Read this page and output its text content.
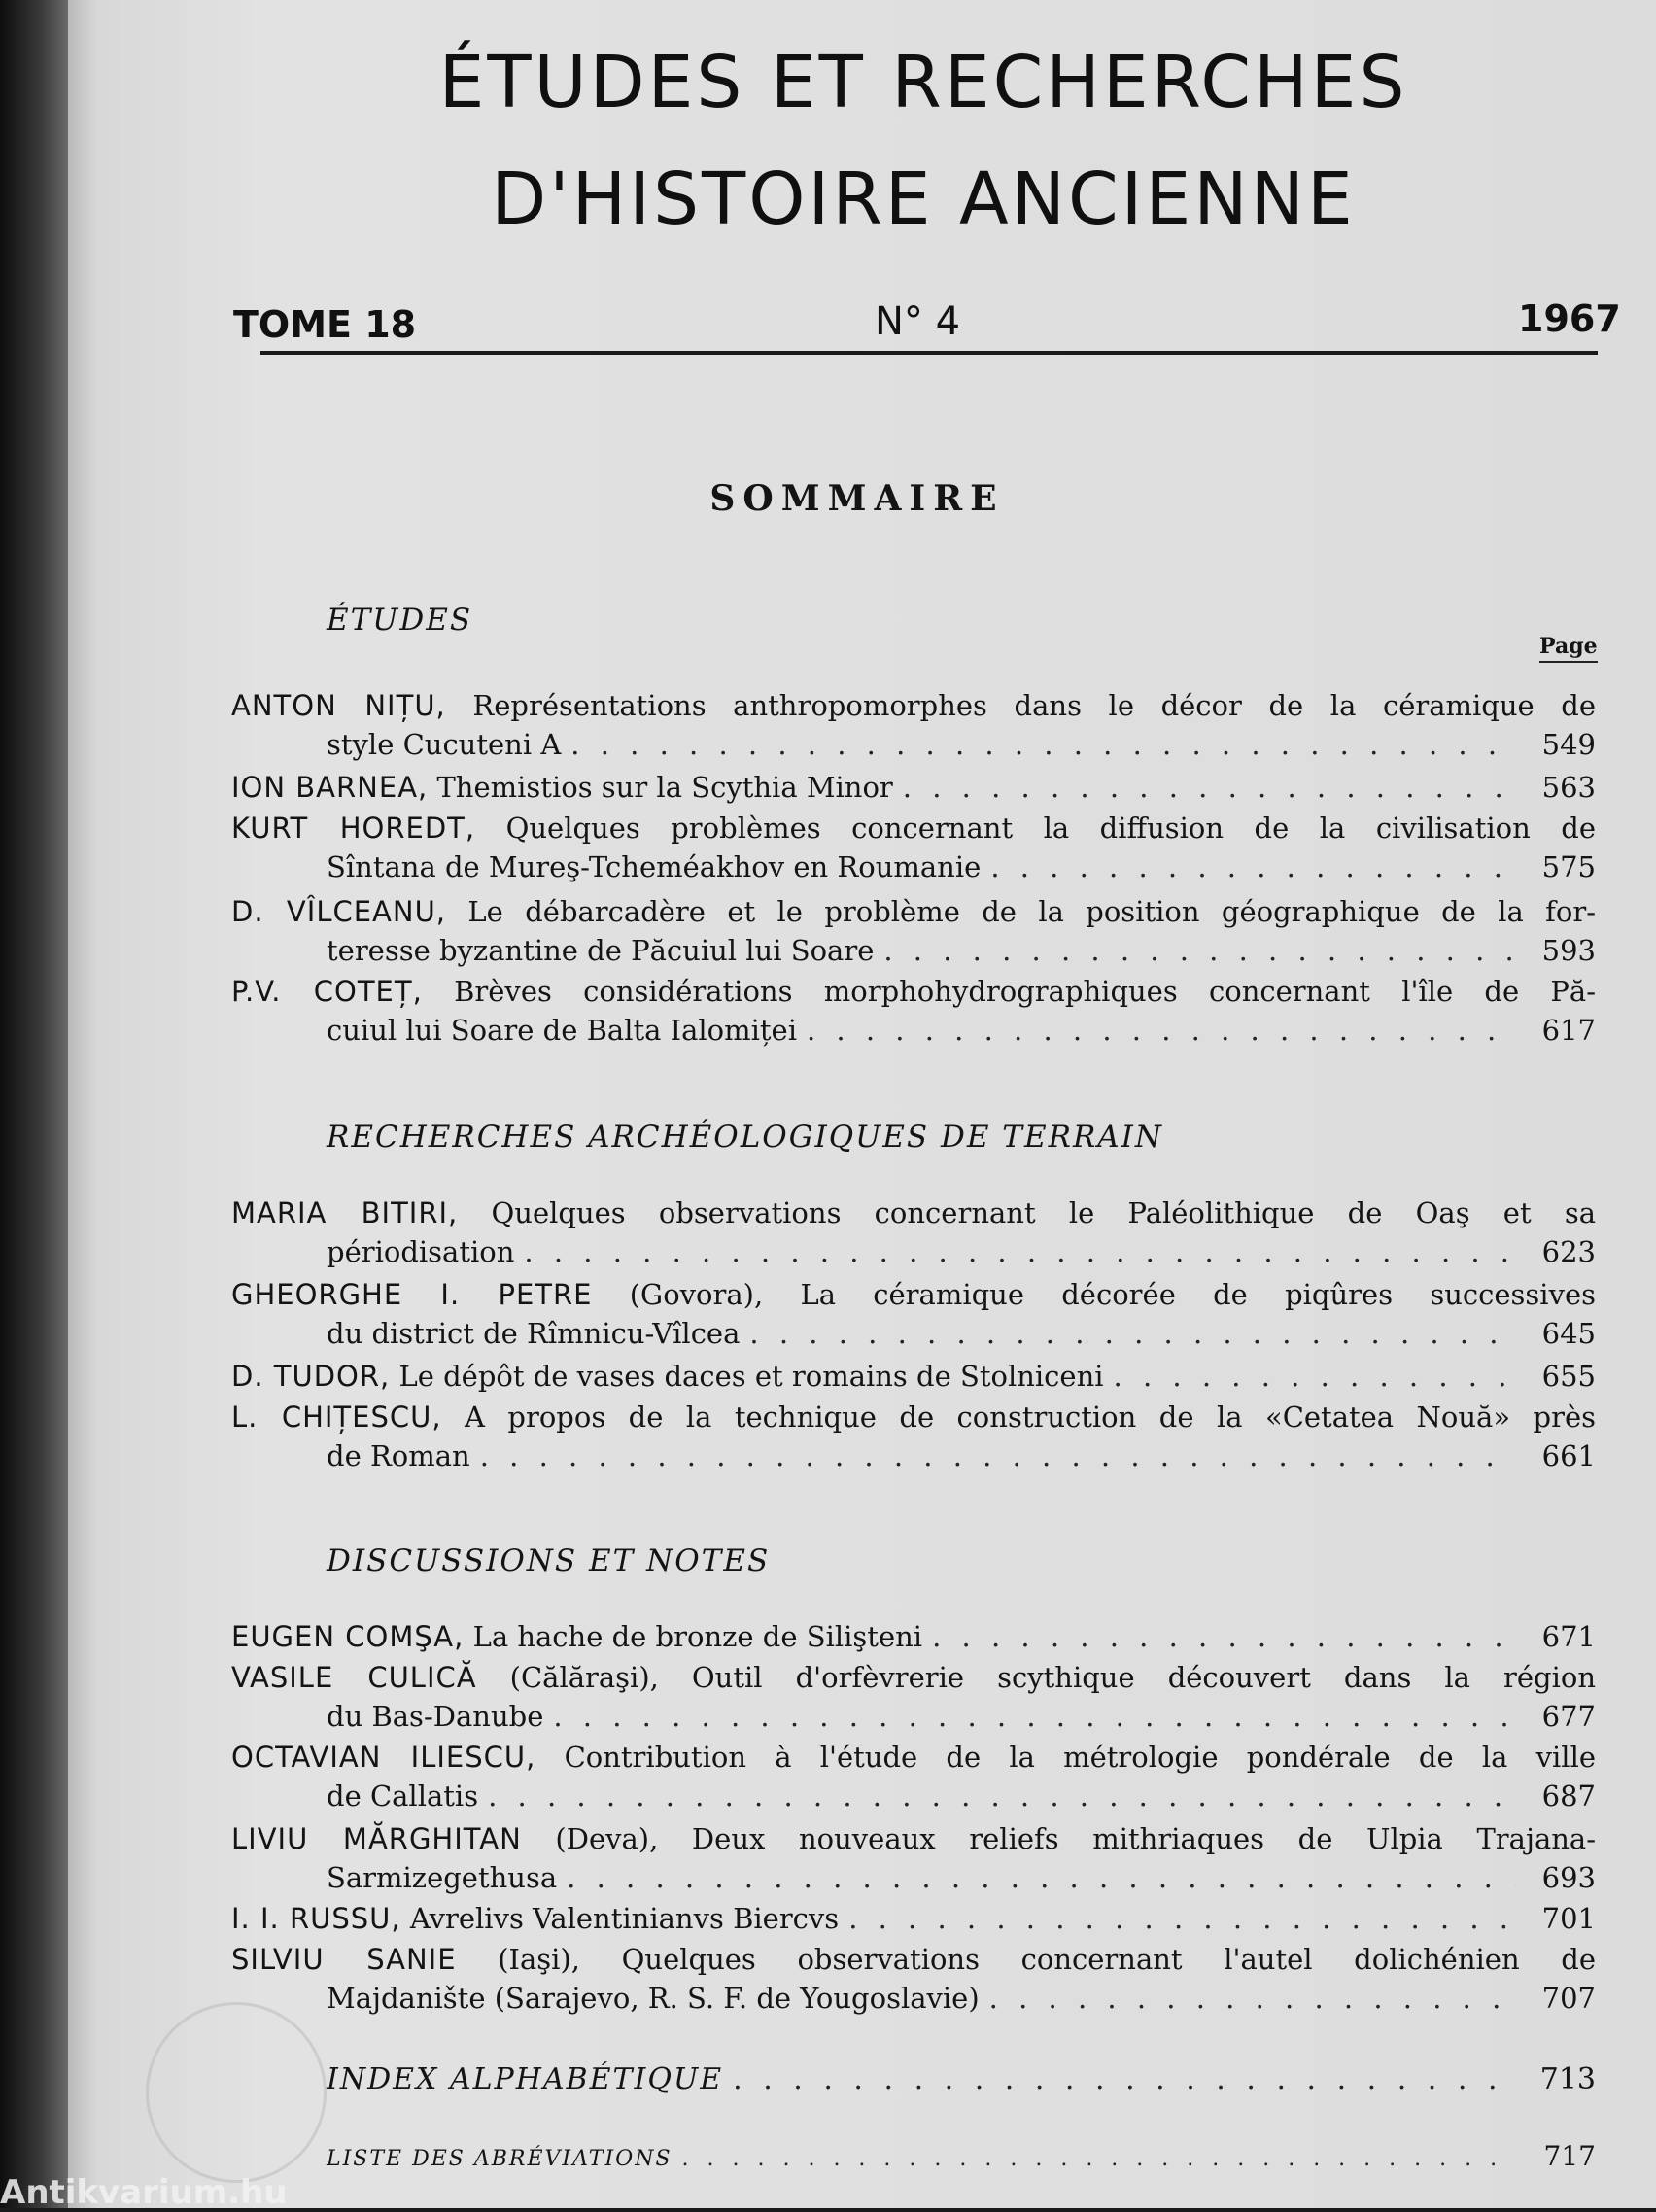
ÉTUDES ET RECHERCHES
D'HISTOIRE ANCIENNE
TOME 18	N° 4	1967
SOMMAIRE
ÉTUDES
Page
ANTON NIȚU, Représentations anthropomorphes dans le décor de la céramique de
style Cucuteni A . . .	549
ION BARNEA,
Themistios sur la Scythia Minor . . .	563
KURT HOREDT, Quelques problèmes concernant la diffusion de la civilisation de
Sîntana de Mureş-Tcheméakhov en Roumanie . . .	575
D. VÎLCEANU, Le débarcadère et le problème de la position géographique de la for-
teresse byzantine de Păcuiul lui Soare . . .	593
P.V. COTEȚ, Brèves considérations morphohydrographiques concernant l'île de Pă-
cuiul lui Soare de Balta Ialomiței . . .	617
RECHERCHES ARCHÉOLOGIQUES DE TERRAIN
MARIA BITIRI, Quelques observations concernant le Paléolithique de Oaş et sa
périodisation . . .	623
GHEORGHE I. PETRE (Govora), La céramique décorée de piqûres successives
du district de Rîmnicu-Vîlcea . . .	645
D. TUDOR,
Le dépôt de vases daces et romains de Stolniceni . . .	655
L. CHIȚESCU, A propos de la technique de construction de la «Cetatea Nouă» près
de Roman . . .	661
DISCUSSIONS ET NOTES
EUGEN COMŞA,
La hache de bronze de Silişteni . . .	671
VASILE CULICĂ (Călăraşi), Outil d'orfèvrerie scythique découvert dans la région
du Bas-Danube . . .	677
OCTAVIAN ILIESCU, Contribution à l'étude de la métrologie pondérale de la ville
de Callatis . . .	687
LIVIU MĂRGHITAN (Deva), Deux nouveaux reliefs mithriaques de Ulpia Trajana-
Sarmizegethusa . . .	693
I. I. RUSSU,
Avrelivs Valentinianvs Biercvs . . .	701
SILVIU SANIE (Iaşi), Quelques observations concernant l'autel dolichénien de
Majdanište (Sarajevo, R. S. F. de Yougoslavie) . . .	707
INDEX ALPHABÉTIQUE . . .	713
LISTE DES ABRÉVIATIONS . . .	717
Antikvarium.hu
